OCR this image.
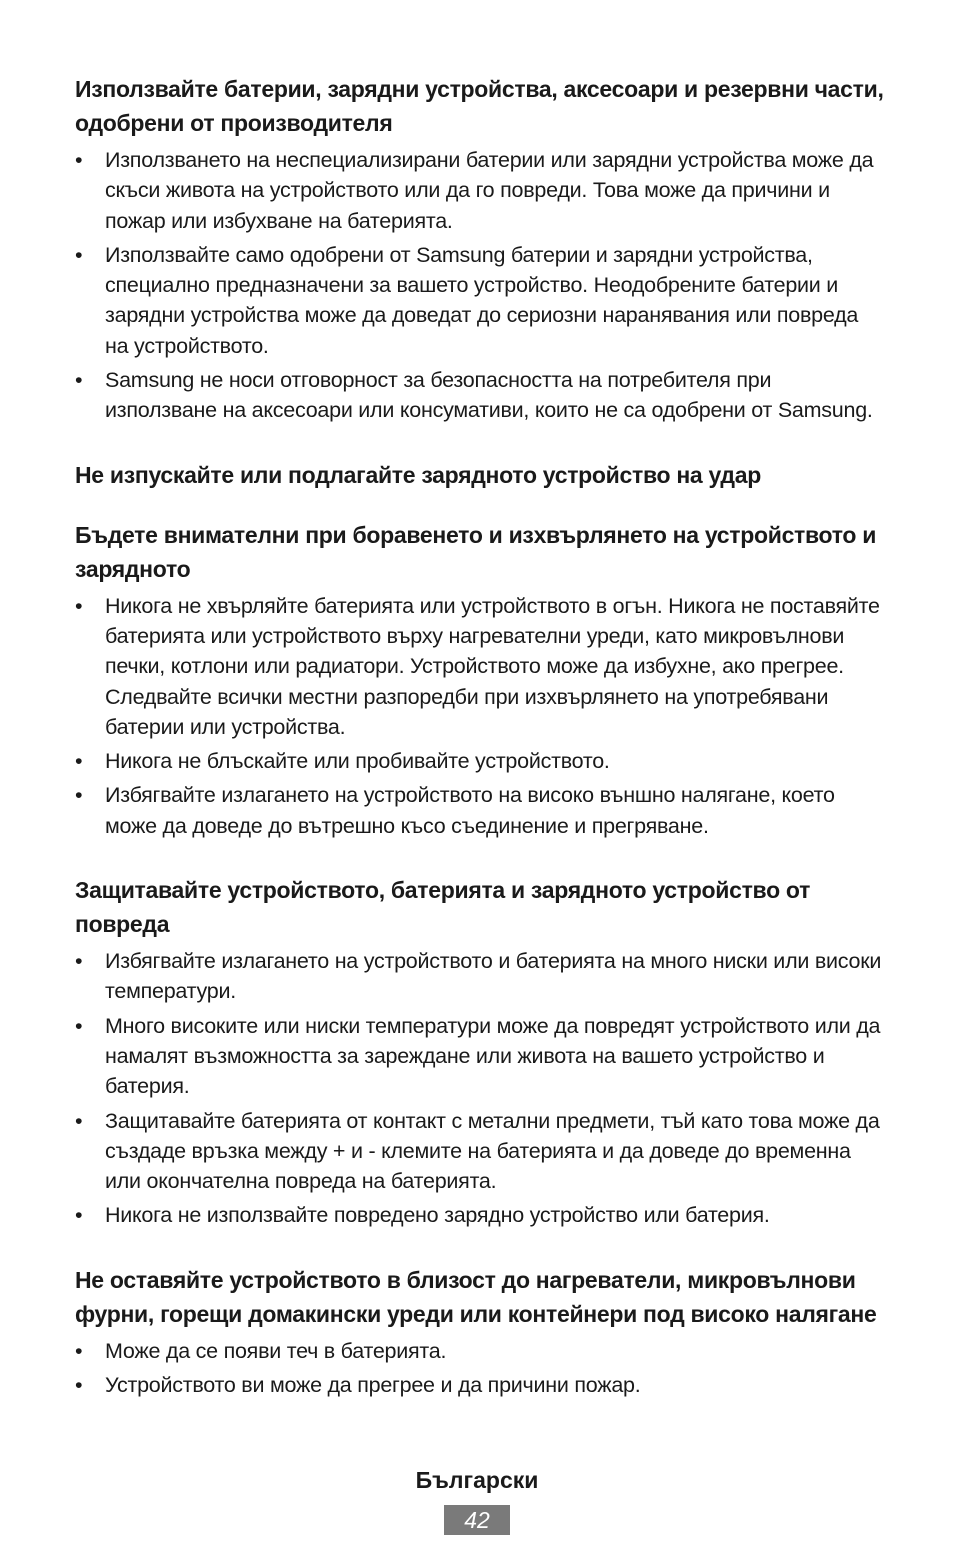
Използвайте батерии, зарядни устройства, аксесоари и резервни части, одобрени от производителя
• Използването на неспециализирани батерии или зарядни устройства може да скъси живота на устройството или да го повреди. Това може да причини и пожар или избухване на батерията.
• Използвайте само одобрени от Samsung батерии и зарядни устройства, специално предназначени за вашето устройство. Неодобрените батерии и зарядни устройства може да доведат до сериозни наранявания или повреда на устройството.
• Samsung не носи отговорност за безопасността на потребителя при използване на аксесоари или консумативи, които не са одобрени от Samsung.
Не изпускайте или подлагайте зарядното устройство на удар
Бъдете внимателни при боравенето и изхвърлянето на устройството и зарядното
• Никога не хвърляйте батерията или устройството в огън. Никога не поставяйте батерията или устройството върху нагревателни уреди, като микровълнови печки, котлони или радиатори. Устройството може да избухне, ако прегрее. Следвайте всички местни разпоредби при изхвърлянето на употребявани батерии или устройства.
• Никога не блъскайте или пробивайте устройството.
• Избягвайте излагането на устройството на високо външно налягане, което може да доведе до вътрешно късо съединение и прегряване.
Защитавайте устройството, батерията и зарядното устройство от повреда
• Избягвайте излагането на устройството и батерията на много ниски или високи температури.
• Много високите или ниски температури може да повредят устройството или да намалят възможността за зареждане или живота на вашето устройство и батерия.
• Защитавайте батерията от контакт с метални предмети, тъй като това може да създаде връзка между + и - клемите на батерията и да доведе до временна или окончателна повреда на батерията.
• Никога не използвайте повредено зарядно устройство или батерия.
Не оставяйте устройството в близост до нагреватели, микровълнови фурни, горещи домакински уреди или контейнери под високо налягане
• Може да се появи теч в батерията.
• Устройството ви може да прегрее и да причини пожар.
Български
42
